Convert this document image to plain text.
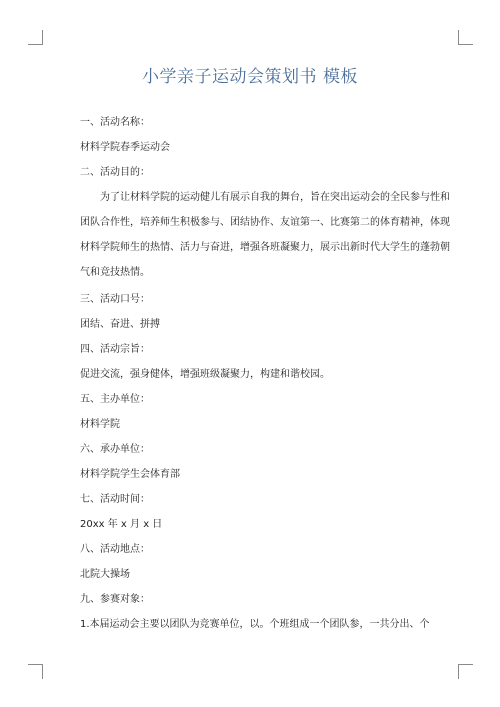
小学亲子运动会策划书 模板
一、活动名称：
材料学院春季运动会
二、活动目的：
为了让材料学院的运动健儿有展示自我的舞台，旨在突出运动会的全民参与性和
团队合作性，培养师生积极参与、团结协作、友谊第一、比赛第二的体育精神，体现
材料学院师生的热情、活力与奋进，增强各班凝聚力，展示出新时代大学生的蓬勃朝
气和竞技热情。
三、活动口号：
团结、奋进、拼搏
四、活动宗旨：
促进交流，强身健体，增强班级凝聚力，构建和谐校园。
五、主办单位：
材料学院
六、承办单位：
材料学院学生会体育部
七、活动时间：
20xx 年 x 月 x 日
八、活动地点：
北院大操场
九、参赛对象：
1.本届运动会主要以团队为竞赛单位，以。个班组成一个团队参，一共分出、个
